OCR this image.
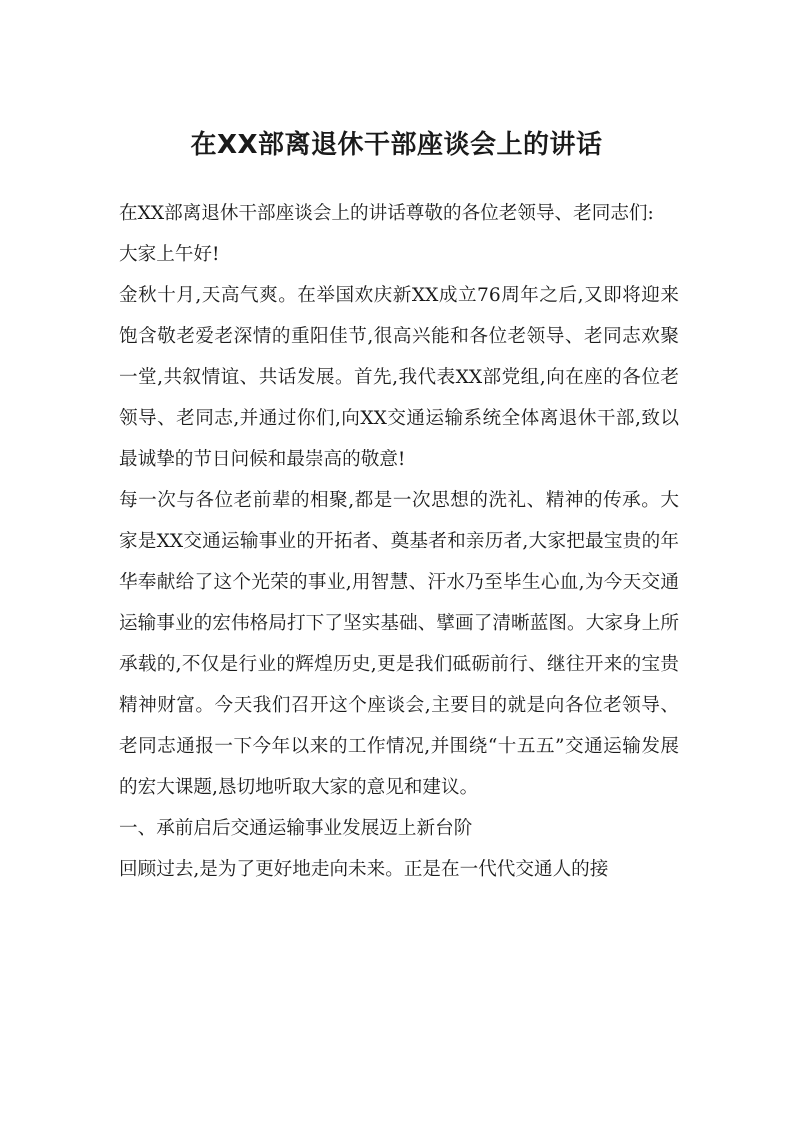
在XX部离退休干部座谈会上的讲话

在XX部离退休干部座谈会上的讲话尊敬的各位老领导、老同志们:

大家上午好!

金秋十月,天高气爽。在举国欢庆新XX成立76周年之后,又即将迎来饱含敬老爱老深情的重阳佳节,很高兴能和各位老领导、老同志欢聚一堂,共叙情谊、共话发展。首先,我代表XX部党组,向在座的各位老领导、老同志,并通过你们,向XX交通运输系统全体离退休干部,致以最诚挚的节日问候和最崇高的敬意!

每一次与各位老前辈的相聚,都是一次思想的洗礼、精神的传承。大家是XX交通运输事业的开拓者、奠基者和亲历者,大家把最宝贵的年华奉献给了这个光荣的事业,用智慧、汗水乃至毕生心血,为今天交通运输事业的宏伟格局打下了坚实基础、擘画了清晰蓝图。大家身上所承载的,不仅是行业的辉煌历史,更是我们砥砺前行、继往开来的宝贵精神财富。今天我们召开这个座谈会,主要目的就是向各位老领导、老同志通报一下今年以来的工作情况,并围绕“十五五”交通运输发展的宏大课题,恳切地听取大家的意见和建议。

一、承前启后交通运输事业发展迈上新台阶

回顾过去,是为了更好地走向未来。正是在一代代交通人的接
